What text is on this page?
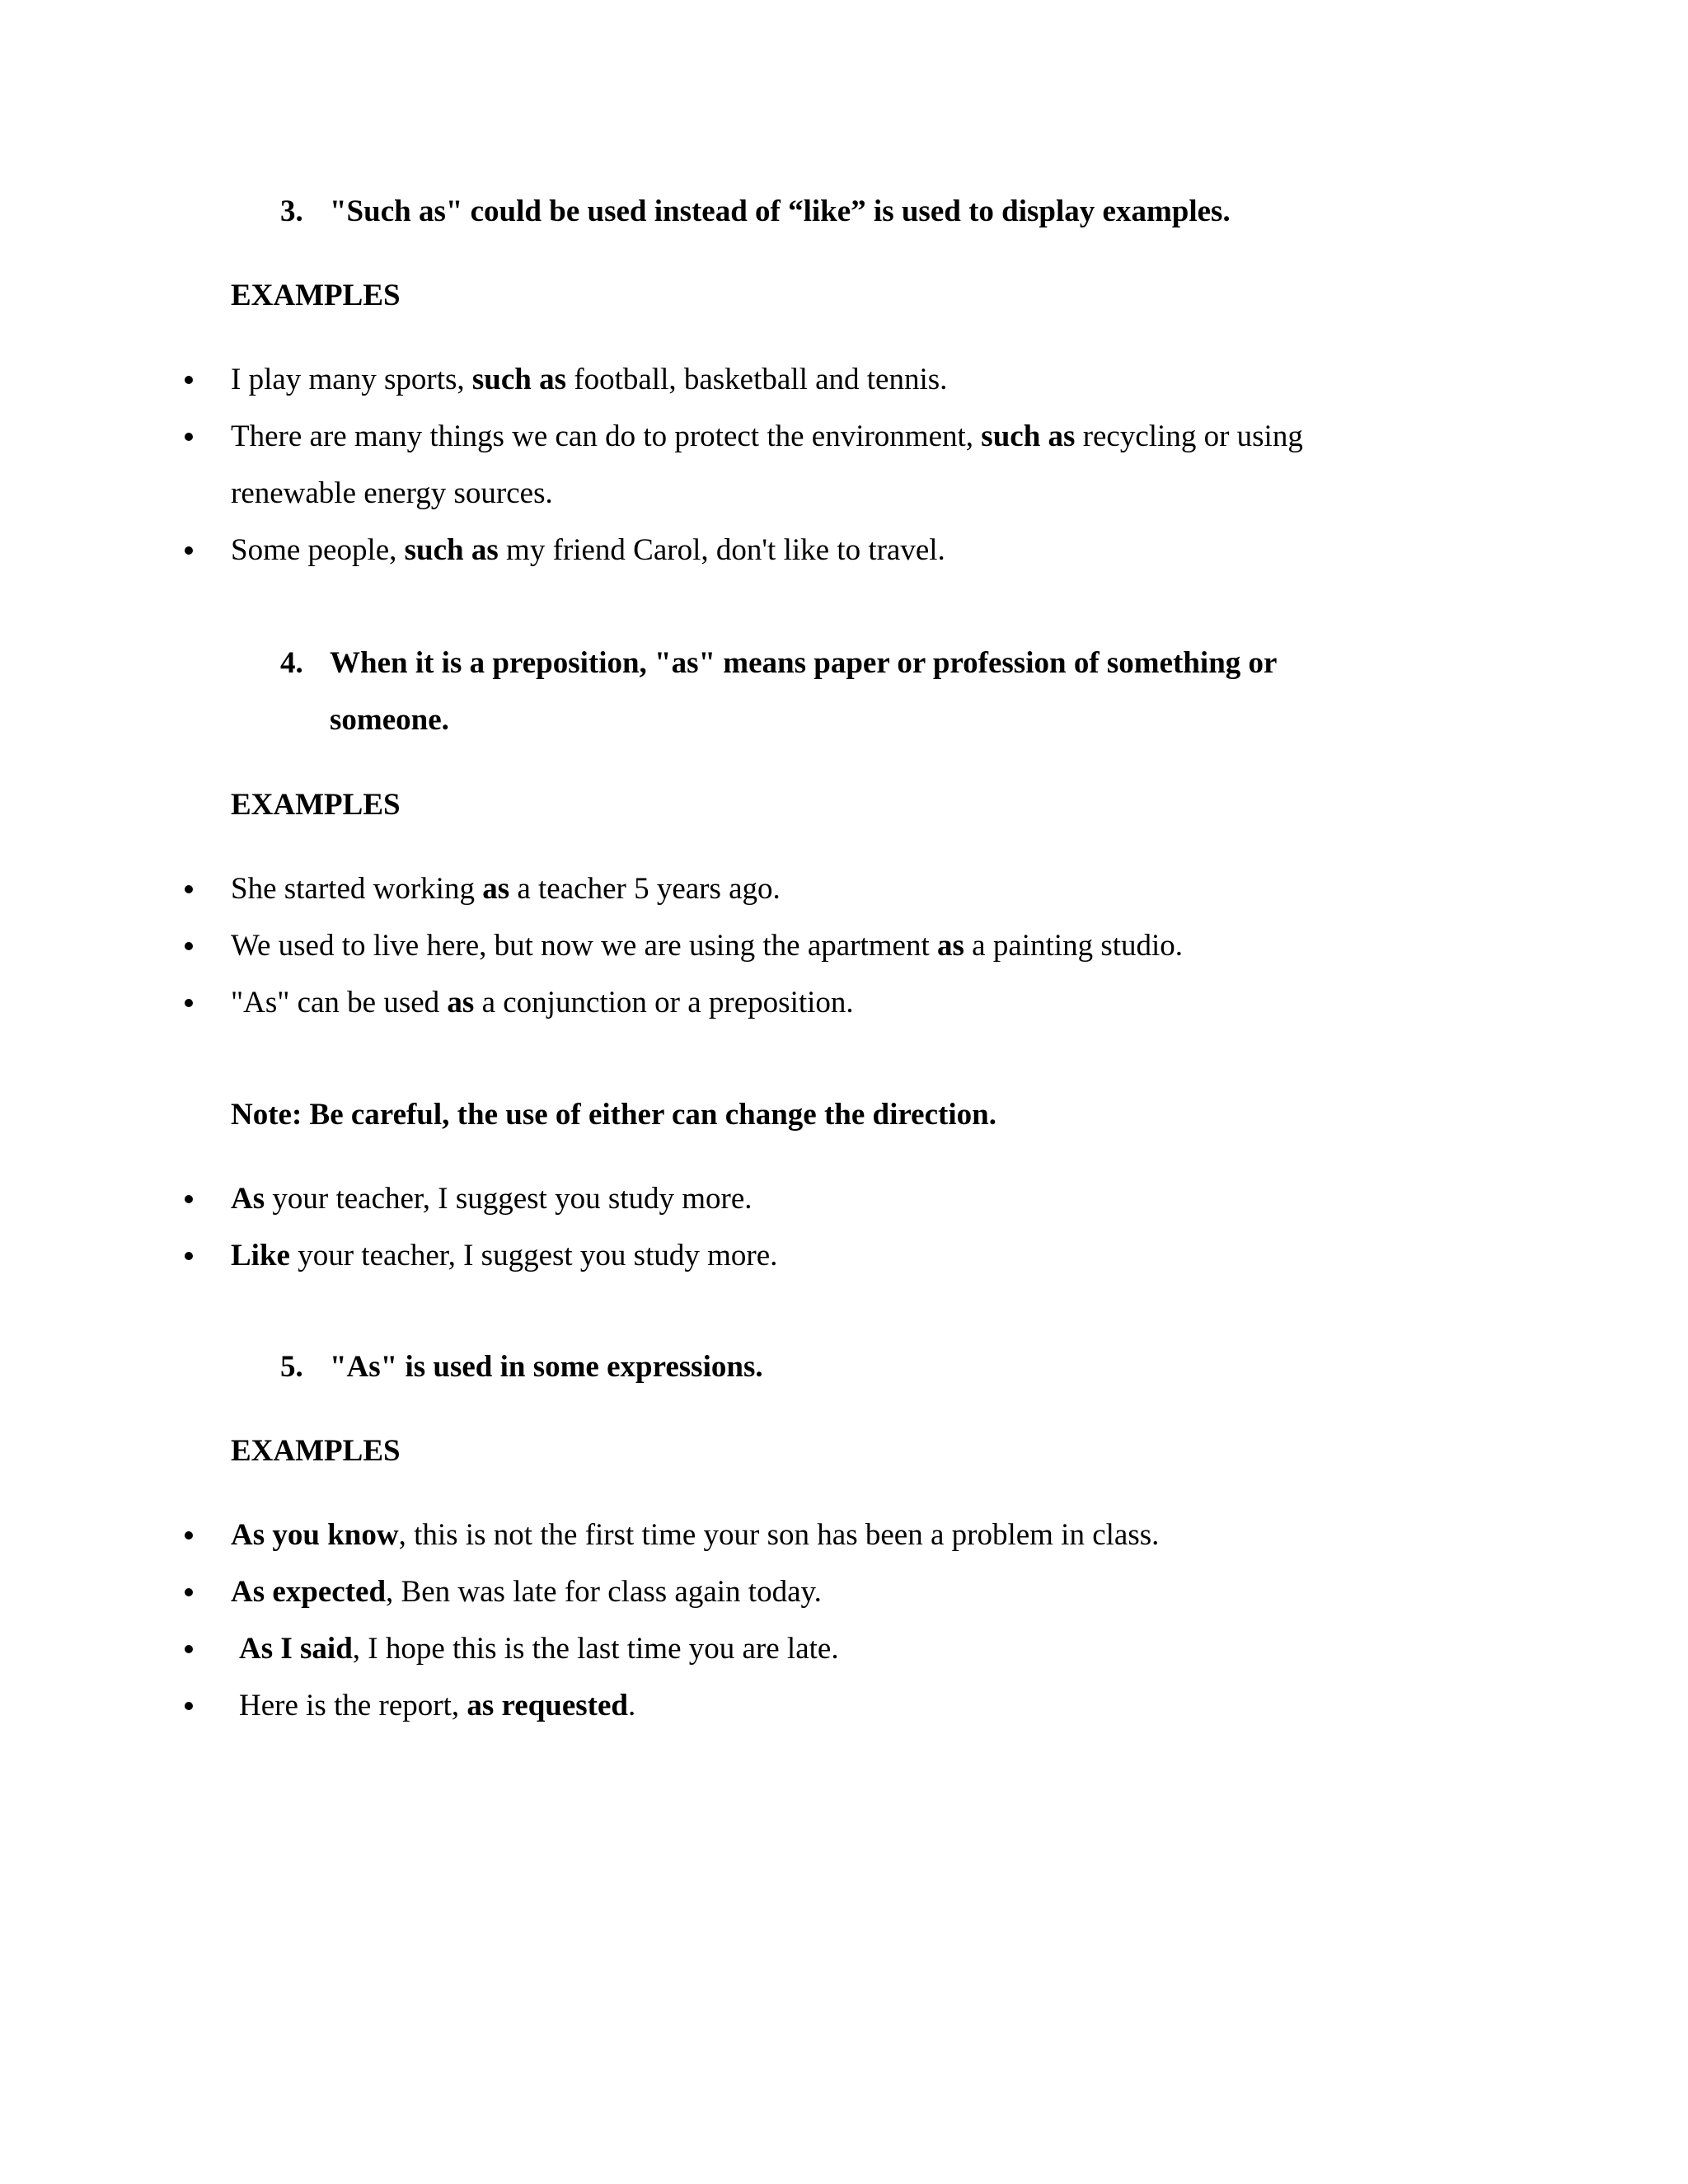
3. "Such as" could be used instead of “like” is used to display examples.
EXAMPLES
I play many sports, such as football, basketball and tennis.
There are many things we can do to protect the environment, such as recycling or using renewable energy sources.
Some people, such as my friend Carol, don't like to travel.
4. When it is a preposition, "as" means paper or profession of something or someone.
EXAMPLES
She started working as a teacher 5 years ago.
We used to live here, but now we are using the apartment as a painting studio.
"As" can be used as a conjunction or a preposition.
Note: Be careful, the use of either can change the direction.
As your teacher, I suggest you study more.
Like your teacher, I suggest you study more.
5. "As" is used in some expressions.
EXAMPLES
As you know, this is not the first time your son has been a problem in class.
As expected, Ben was late for class again today.
As I said, I hope this is the last time you are late.
Here is the report, as requested.
